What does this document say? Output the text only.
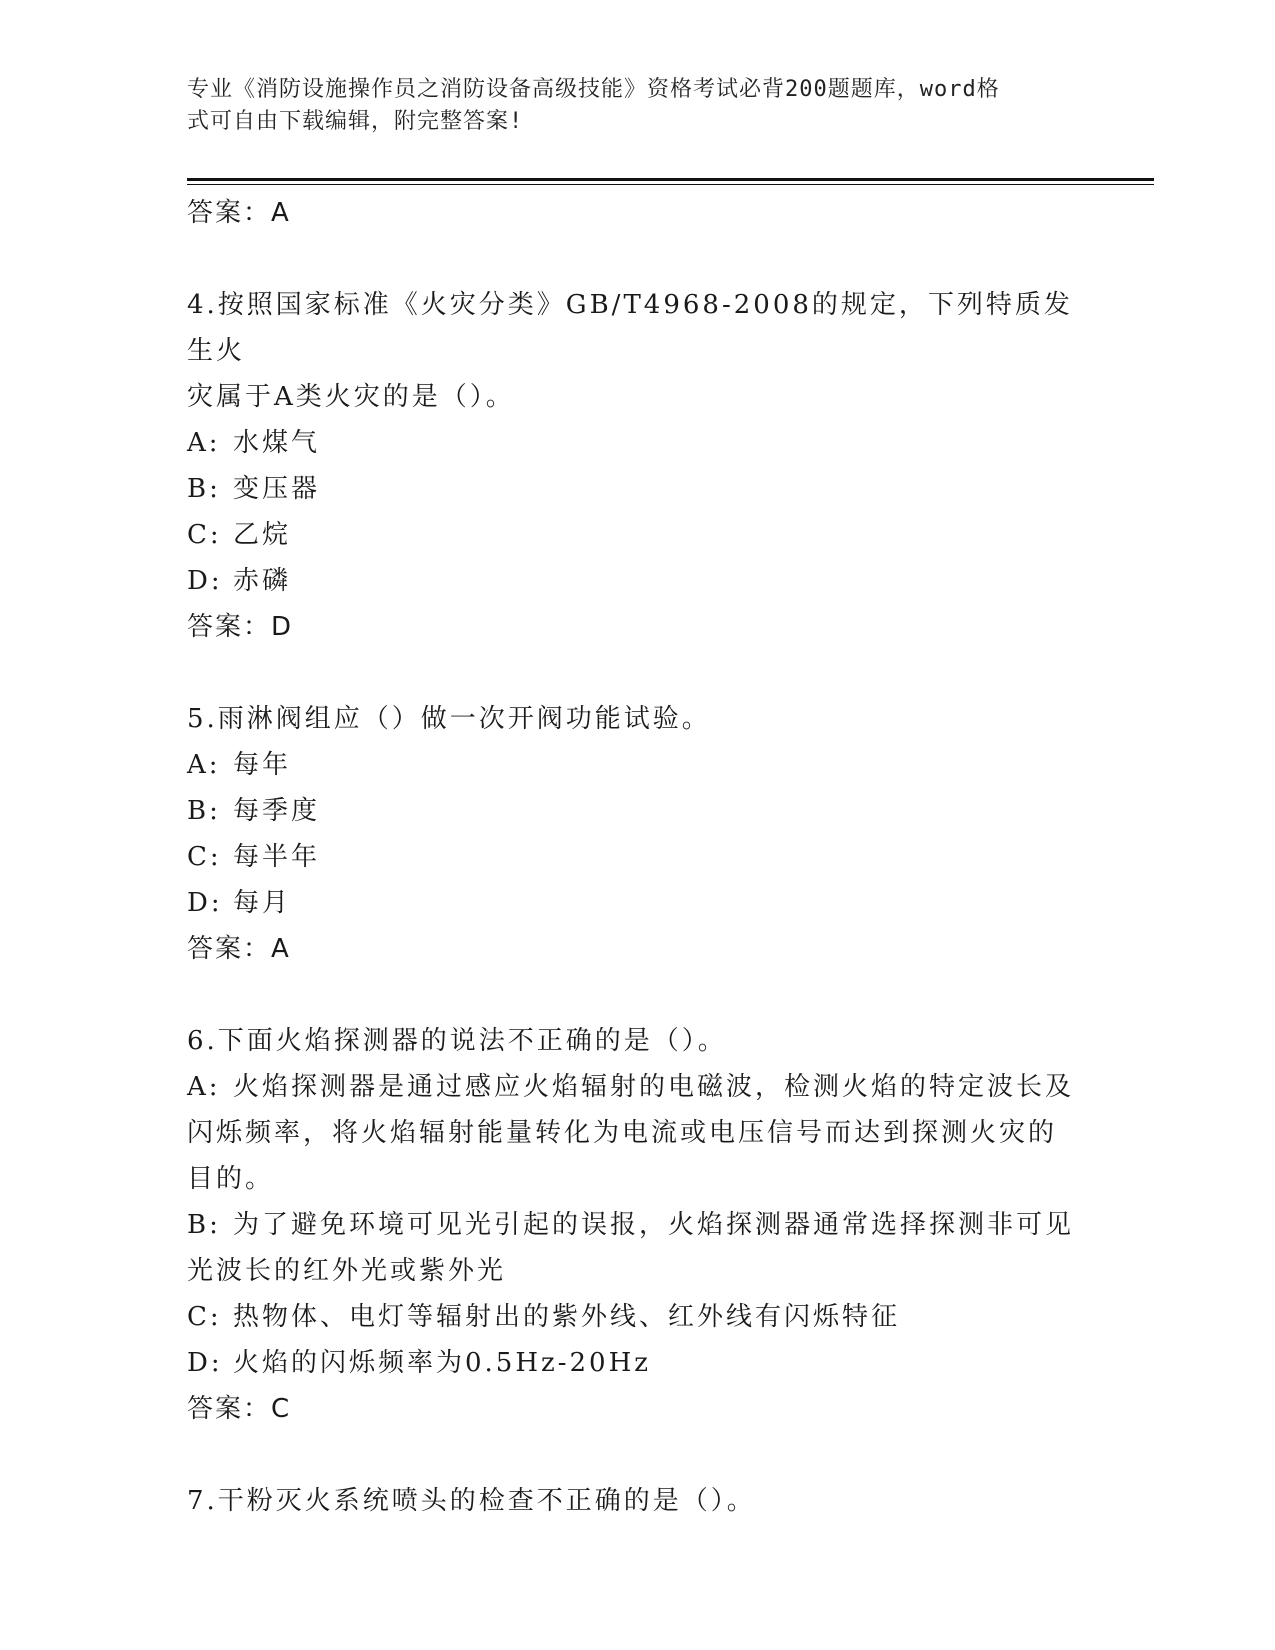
专业《消防设施操作员之消防设备高级技能》资格考试必背200题题库，word格
式可自由下载编辑，附完整答案!
答案：A
4.按照国家标准《火灾分类》GB/T4968-2008的规定，下列特质发生火
灾属于A类火灾的是（）。
A: 水煤气
B: 变压器
C: 乙烷
D: 赤磷
答案：D
5.雨淋阀组应（）做一次开阀功能试验。
A: 每年
B: 每季度
C: 每半年
D: 每月
答案：A
6.下面火焰探测器的说法不正确的是（）。
A: 火焰探测器是通过感应火焰辐射的电磁波，检测火焰的特定波长及
闪烁频率，将火焰辐射能量转化为电流或电压信号而达到探测火灾的
目的。
B: 为了避免环境可见光引起的误报，火焰探测器通常选择探测非可见
光波长的红外光或紫外光
C: 热物体、电灯等辐射出的紫外线、红外线有闪烁特征
D: 火焰的闪烁频率为0.5Hz-20Hz
答案：C
7.干粉灭火系统喷头的检查不正确的是（）。
